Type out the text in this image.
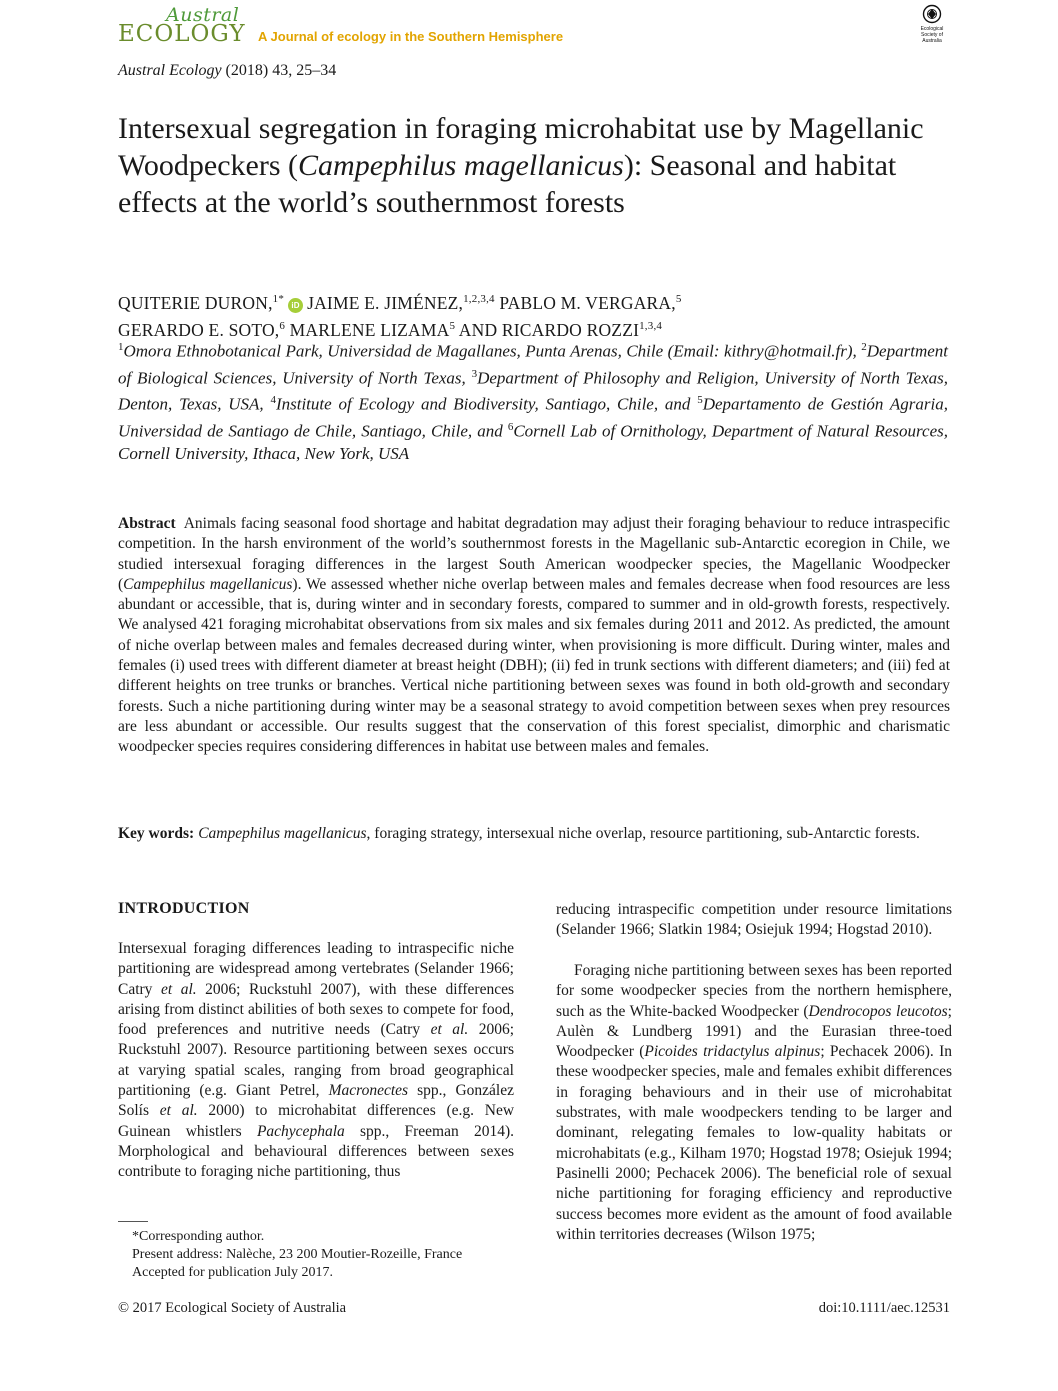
Austral
ECOLOGY A Journal of ecology in the Southern Hemisphere	Ecological Society of Australia
Austral Ecology (2018) 43, 25–34
Intersexual segregation in foraging microhabitat use by Magellanic Woodpeckers (Campephilus magellanicus): Seasonal and habitat effects at the world’s southernmost forests
QUITERIE DURON,$^{1*}$iD JAIME E. JIMÉNEZ,$^{1,2,3,4}$ PABLO M. VERGARA,$^5$
GERARDO E. SOTO,$^6$ MARLENE LIZAMA$^5$ AND RICARDO ROZZI$^{1,3,4}$
$^1$Omora Ethnobotanical Park, Universidad de Magallanes, Punta Arenas, Chile (Email: kithry@hotmail.fr), $^2$Department of Biological Sciences, University of North Texas, $^3$Department of Philosophy and Religion, University of North Texas, Denton, Texas, USA, $^4$Institute of Ecology and Biodiversity, Santiago, Chile, and $^5$Departamento de Gestión Agraria, Universidad de Santiago de Chile, Santiago, Chile, and $^6$Cornell Lab of Ornithology, Department of Natural Resources, Cornell University, Ithaca, New York, USA

Abstract Animals facing seasonal food shortage and habitat degradation may adjust their foraging behaviour to reduce intraspecific competition. In the harsh environment of the world’s southernmost forests in the Magellanic sub-Antarctic ecoregion in Chile, we studied intersexual foraging differences in the largest South American woodpecker species, the Magellanic Woodpecker (Campephilus magellanicus). We assessed whether niche overlap between males and females decrease when food resources are less abundant or accessible, that is, during winter and in secondary forests, compared to summer and in old-growth forests, respectively. We analysed 421 foraging microhabitat observations from six males and six females during 2011 and 2012. As predicted, the amount of niche overlap between males and females decreased during winter, when provisioning is more difficult. During winter, males and females (i) used trees with different diameter at breast height (DBH); (ii) fed in trunk sections with different diameters; and (iii) fed at different heights on tree trunks or branches. Vertical niche partitioning between sexes was found in both old-growth and secondary forests. Such a niche partitioning during winter may be a seasonal strategy to avoid competition between sexes when prey resources are less abundant or accessible. Our results suggest that the conservation of this forest specialist, dimorphic and charismatic woodpecker species requires considering differences in habitat use between males and females.

Key words: Campephilus magellanicus, foraging strategy, intersexual niche overlap, resource partitioning, sub-Antarctic forests.

INTRODUCTION

Intersexual foraging differences leading to intraspecific niche partitioning are widespread among vertebrates (Selander 1966; Catry et al. 2006; Ruckstuhl 2007), with these differences arising from distinct abilities of both sexes to compete for food, food preferences and nutritive needs (Catry et al. 2006; Ruckstuhl 2007). Resource partitioning between sexes occurs at varying spatial scales, ranging from broad geographical partitioning (e.g. Giant Petrel, Macronectes spp., González Solís et al. 2000) to microhabitat differences (e.g. New Guinean whistlers Pachycephala spp., Freeman 2014). Morphological and behavioural differences between sexes contribute to foraging niche partitioning, thus

reducing intraspecific competition under resource limitations (Selander 1966; Slatkin 1984; Osiejuk 1994; Hogstad 2010).

Foraging niche partitioning between sexes has been reported for some woodpecker species from the northern hemisphere, such as the White-backed Woodpecker (Dendrocopos leucotos; Aulèn & Lundberg 1991) and the Eurasian three-toed Woodpecker (Picoides tridactylus alpinus; Pechacek 2006). In these woodpecker species, male and females exhibit differences in foraging behaviours and in their use of microhabitat substrates, with male woodpeckers tending to be larger and dominant, relegating females to low-quality habitats or microhabitats (e.g., Kilham 1970; Hogstad 1978; Osiejuk 1994; Pasinelli 2000; Pechacek 2006). The beneficial role of sexual niche partitioning for foraging efficiency and reproductive success becomes more evident as the amount of food available within territories decreases (Wilson 1975;

*Corresponding author.
Present address: Nalèche, 23 200 Moutier-Rozeille, France
Accepted for publication July 2017.
© 2017 Ecological Society of Australia	doi:10.1111/aec.12531
